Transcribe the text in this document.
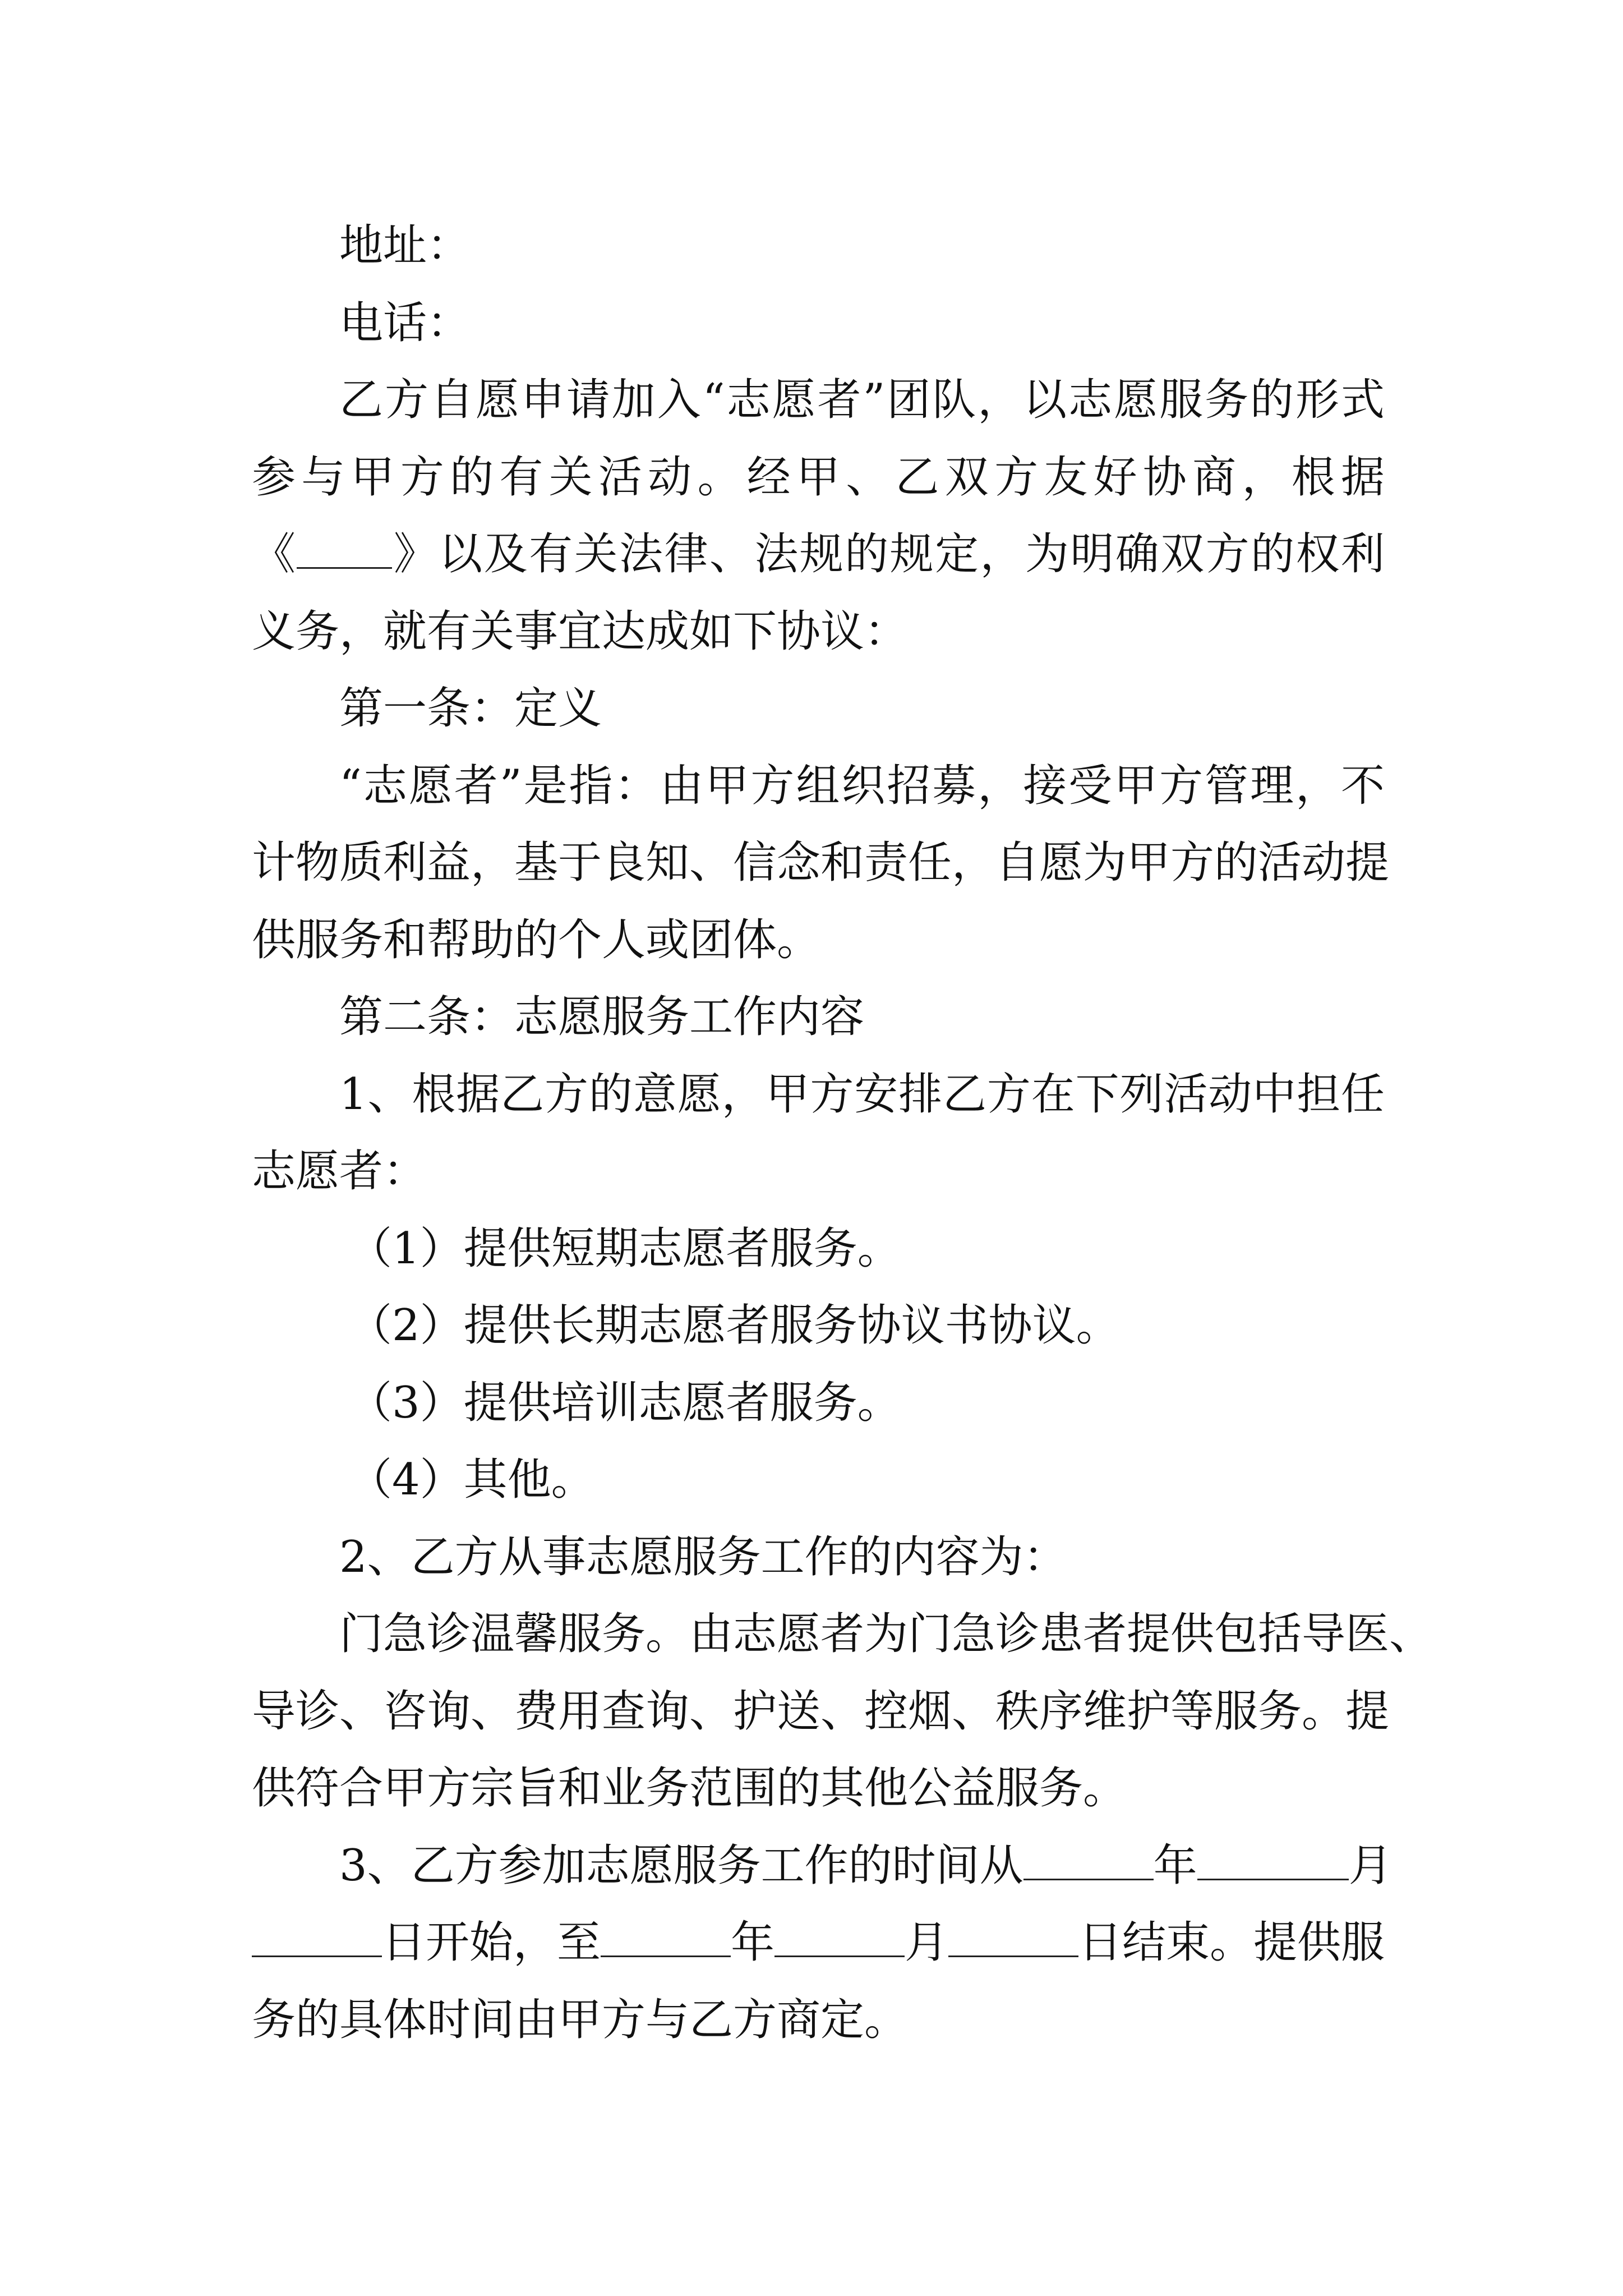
地址：
电话：
乙方自愿申请加入“志愿者”团队，以志愿服务的形式
参与甲方的有关活动。经甲、乙双方友好协商，根据
《 》以及有关法律、法规的规定，为明确双方的权利
义务，就有关事宜达成如下协议：
第一条：定义
“志愿者”是指：由甲方组织招募，接受甲方管理，不
计物质利益，基于良知、信念和责任，自愿为甲方的活动提
供服务和帮助的个人或团体。
第二条：志愿服务工作内容
1、根据乙方的意愿，甲方安排乙方在下列活动中担任
志愿者：
（1）提供短期志愿者服务。
（2）提供长期志愿者服务协议书协议。
（3）提供培训志愿者服务。
（4）其他。
2、乙方从事志愿服务工作的内容为：
门急诊温馨服务。由志愿者为门急诊患者提供包括导医、
导诊、咨询、费用查询、护送、控烟、秩序维护等服务。提
供符合甲方宗旨和业务范围的其他公益服务。
3、乙方参加志愿服务工作的时间从	年	月
日开始，至	年	月	日结束。提供服
务的具体时间由甲方与乙方商定。
